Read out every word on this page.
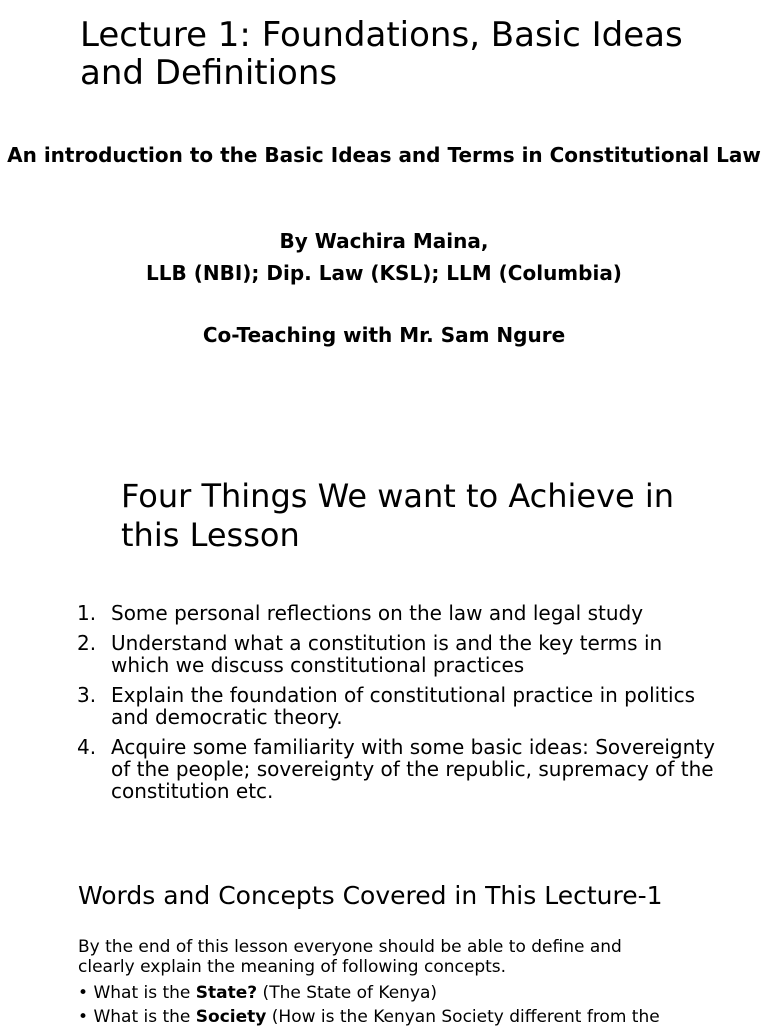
Lecture 1: Foundations, Basic Ideas and Definitions
An introduction to the Basic Ideas and Terms in Constitutional Law
By Wachira Maina,
LLB (NBI); Dip. Law (KSL); LLM (Columbia)
Co-Teaching with Mr. Sam Ngure
Four Things We want to Achieve in this Lesson
1. Some personal reflections on the law and legal study
2. Understand what a constitution is and the key terms in which we discuss constitutional practices
3. Explain the foundation of constitutional practice in politics and democratic theory.
4. Acquire some familiarity with some basic ideas: Sovereignty of the people; sovereignty of the republic, supremacy of the constitution etc.
Words and Concepts Covered in This Lecture-1
By the end of this lesson everyone should be able to define and clearly explain the meaning of following concepts.
• What is the State? (The State of Kenya)
• What is the Society (How is the Kenyan Society different from the
